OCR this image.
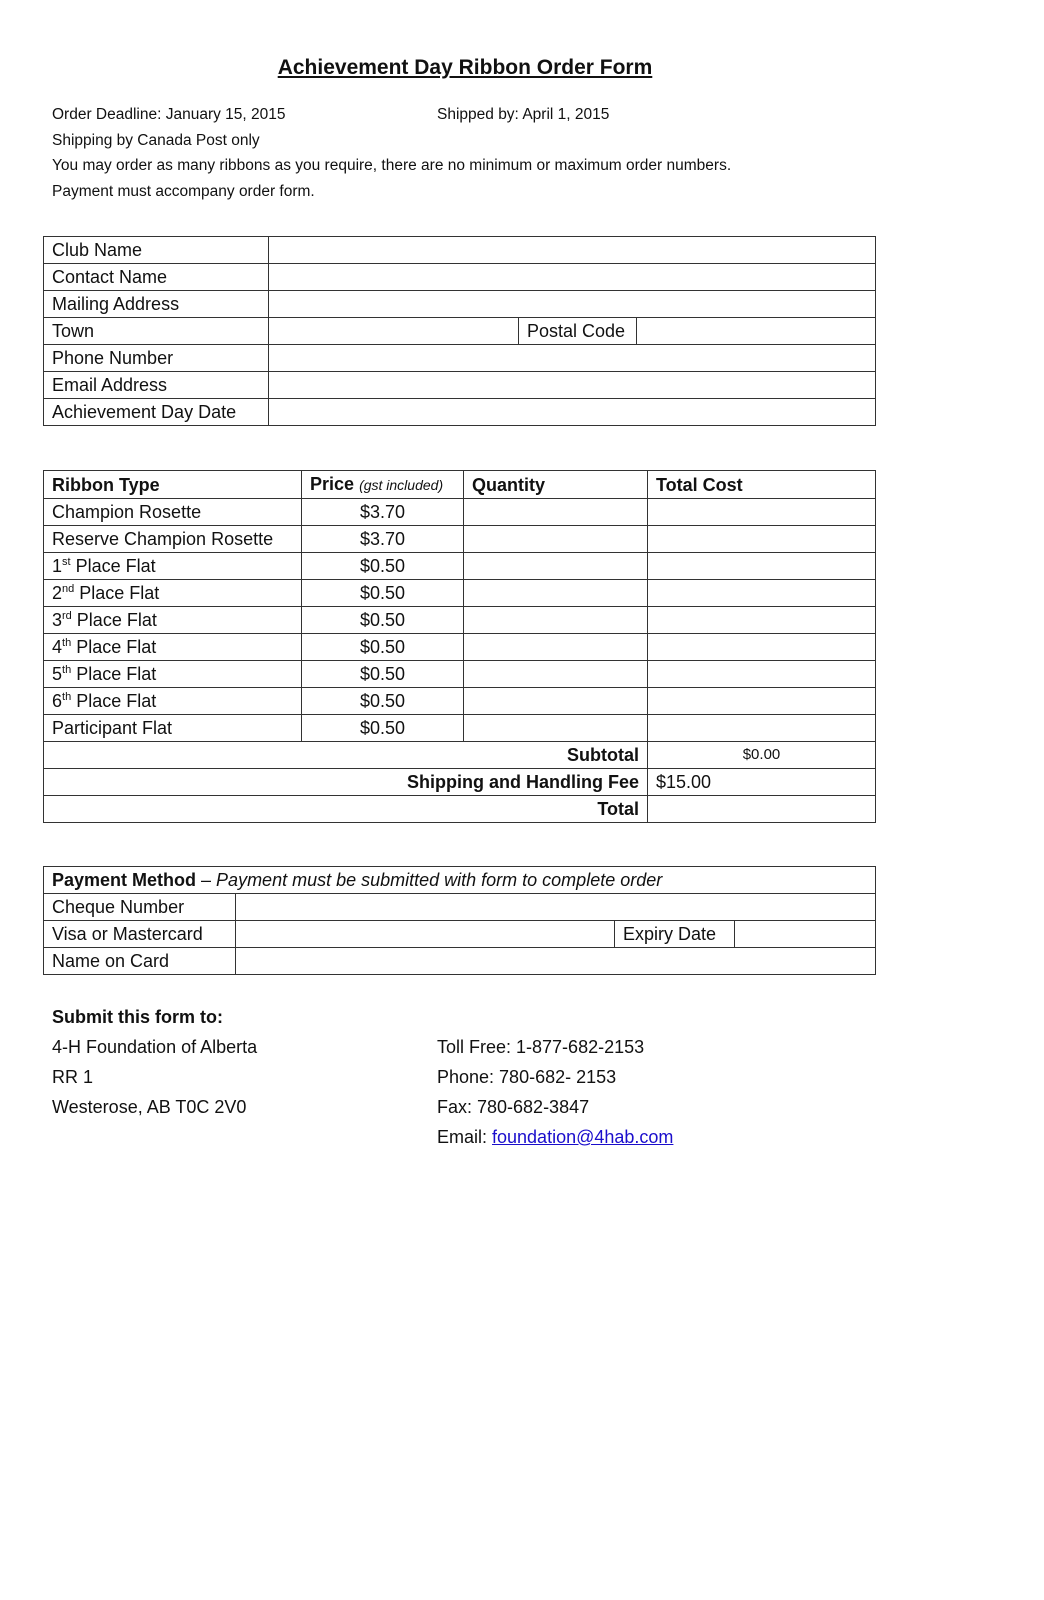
Achievement Day Ribbon Order Form
Order Deadline: January 15, 2015	Shipped by: April 1, 2015
Shipping by Canada Post only
You may order as many ribbons as you require, there are no minimum or maximum order numbers.
Payment must accompany order form.
Club Name			
Contact Name			
Mailing Address			
Town		Postal Code	
Phone Number			
Email Address			
Achievement Day Date			
Ribbon Type	Price (gst included)	Quantity	Total Cost
Champion Rosette	$3.70		
Reserve Champion Rosette	$3.70		
1st Place Flat	$0.50		
2nd Place Flat	$0.50		
3rd Place Flat	$0.50		
4th Place Flat	$0.50		
5th Place Flat	$0.50		
6th Place Flat	$0.50		
Participant Flat	$0.50		
Subtotal			$0.00
Shipping and Handling Fee			$15.00
Total			
Payment Method – Payment must be submitted with form to complete order			
Cheque Number			
Visa or Mastercard		Expiry Date	
Name on Card			
Submit this form to:
4-H Foundation of Alberta
RR 1
Westerose, AB T0C 2V0
Toll Free: 1-877-682-2153
Phone: 780-682- 2153
Fax: 780-682-3847
Email: foundation@4hab.com
